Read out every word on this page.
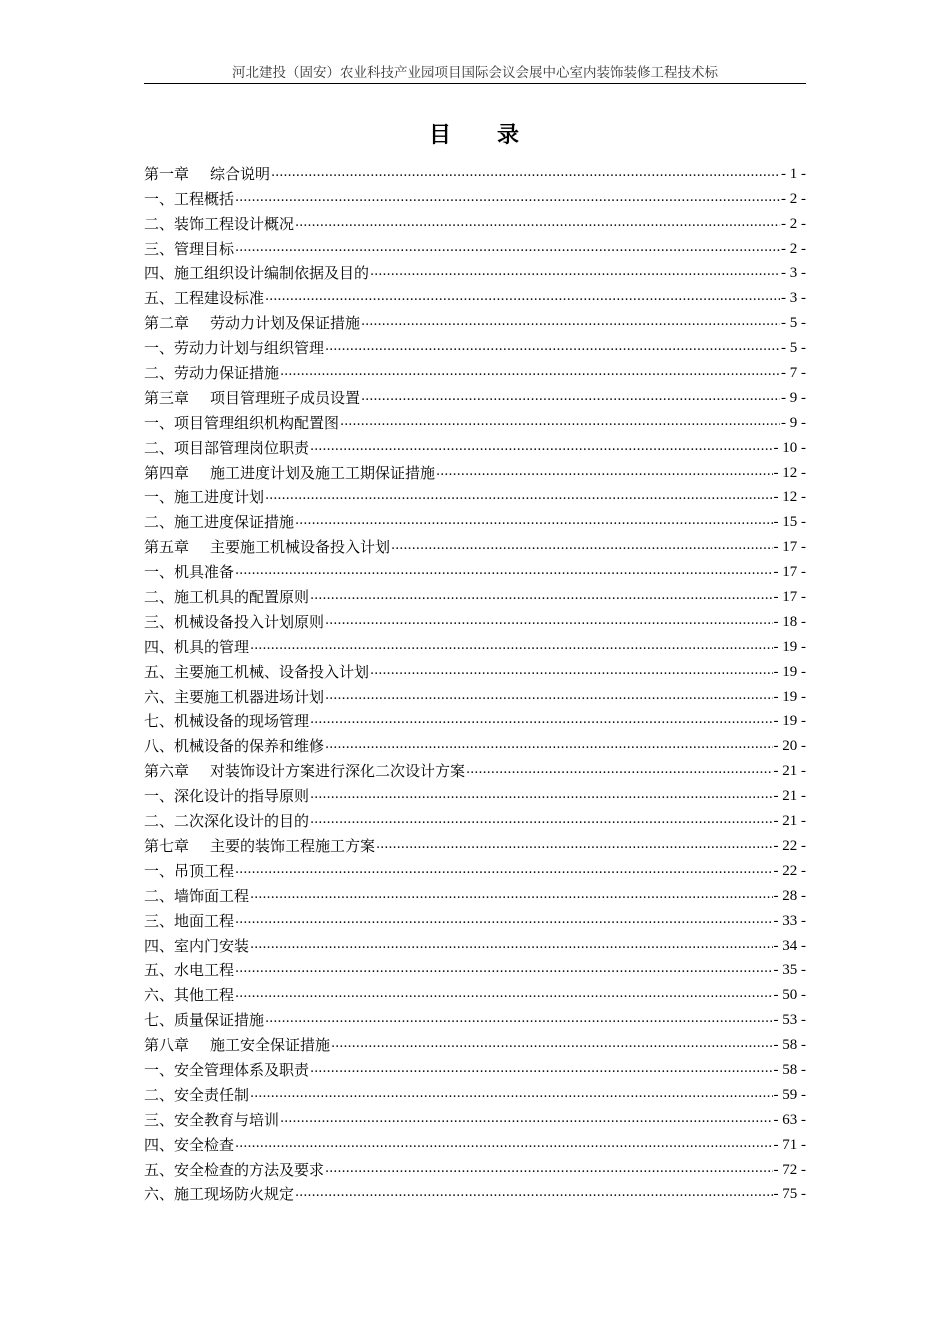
河北建投（固安）农业科技产业园项目国际会议会展中心室内装饰装修工程技术标
目 录
第一章 综合说明 .....	- 1 -
一、工程概括 .....	- 2 -
二、装饰工程设计概况 .....	- 2 -
三、管理目标 .....	- 2 -
四、施工组织设计编制依据及目的 .....	- 3 -
五、工程建设标准 .....	- 3 -
第二章 劳动力计划及保证措施 .....	- 5 -
一、劳动力计划与组织管理 .....	- 5 -
二、劳动力保证措施 .....	- 7 -
第三章 项目管理班子成员设置 .....	- 9 -
一、项目管理组织机构配置图 .....	- 9 -
二、项目部管理岗位职责 .....	- 10 -
第四章 施工进度计划及施工工期保证措施 .....	- 12 -
一、施工进度计划 .....	- 12 -
二、施工进度保证措施 .....	- 15 -
第五章 主要施工机械设备投入计划 .....	- 17 -
一、机具准备 .....	- 17 -
二、施工机具的配置原则 .....	- 17 -
三、机械设备投入计划原则 .....	- 18 -
四、机具的管理 .....	- 19 -
五、主要施工机械、设备投入计划 .....	- 19 -
六、主要施工机器进场计划 .....	- 19 -
七、机械设备的现场管理 .....	- 19 -
八、机械设备的保养和维修 .....	- 20 -
第六章 对装饰设计方案进行深化二次设计方案 .....	- 21 -
一、深化设计的指导原则 .....	- 21 -
二、二次深化设计的目的 .....	- 21 -
第七章 主要的装饰工程施工方案 .....	- 22 -
一、吊顶工程 .....	- 22 -
二、墙饰面工程 .....	- 28 -
三、地面工程 .....	- 33 -
四、室内门安装 .....	- 34 -
五、水电工程 .....	- 35 -
六、其他工程 .....	- 50 -
七、质量保证措施 .....	- 53 -
第八章 施工安全保证措施 .....	- 58 -
一、安全管理体系及职责 .....	- 58 -
二、安全责任制 .....	- 59 -
三、安全教育与培训 .....	- 63 -
四、安全检查 .....	- 71 -
五、安全检查的方法及要求 .....	- 72 -
六、施工现场防火规定 .....	- 75 -
